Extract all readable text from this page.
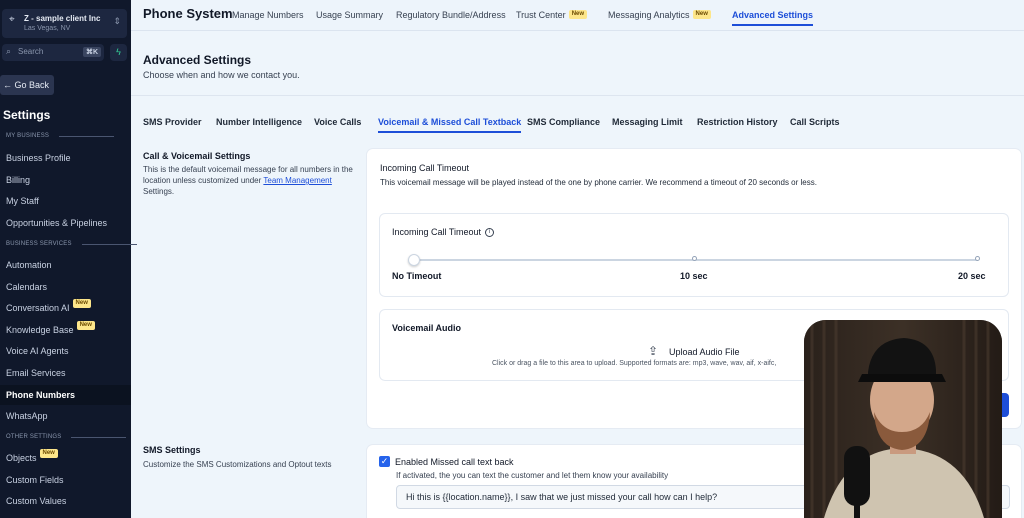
⌖ Z - sample client Inc
Las Vegas, NV
⇕
⌕ Search	⌘K	ϟ
← Go Back
Settings
MY BUSINESS
Business Profile
Billing
My Staff
Opportunities & Pipelines
BUSINESS SERVICES
Automation
Calendars
Conversation AI New
Knowledge Base New
Voice AI Agents
Email Services
Phone Numbers
WhatsApp
OTHER SETTINGS
Objects New
Custom Fields
Custom Values
Phone System Manage Numbers Usage Summary Regulatory Bundle/Address Trust Center New	Messaging Analytics New	Advanced Settings
Advanced Settings
Choose when and how we contact you.
SMS Provider Number Intelligence Voice Calls Voicemail & Missed Call Textback SMS Compliance Messaging Limit Restriction History Call Scripts
Call & Voicemail Settings
This is the default voicemail message for all numbers in the location unless customized under Team Management Settings.
Incoming Call Timeout
This voicemail message will be played instead of the one by phone carrier. We recommend a timeout of 20 seconds or less.
Incoming Call Timeout i
No Timeout	10 sec	20 sec
Voicemail Audio
⇪ Upload Audio File
Click or drag a file to this area to upload. Supported formats are: mp3, wave, wav, aif, x-aifc,
SMS Settings
Customize the SMS Customizations and Optout texts	✓ Enabled Missed call text back
If activated, the you can text the customer and let them know your availability
Hi this is {{location.name}}, I saw that we just missed your call how can I help?
